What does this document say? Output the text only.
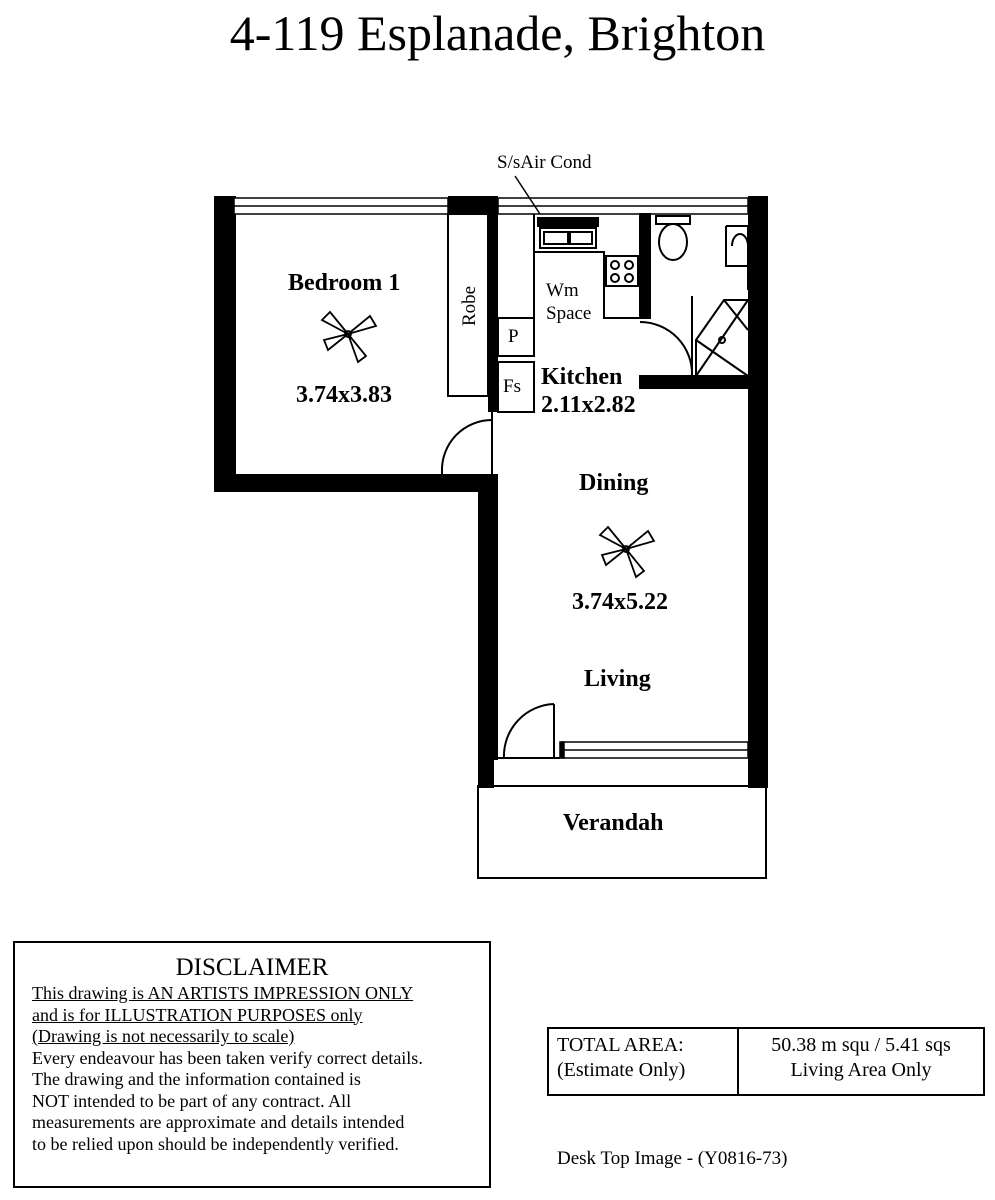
4-119 Esplanade, Brighton
S/sAir Cond
Bedroom 1
3.74x3.83
Robe	Wm
Space
P
Fs Kitchen
2.11x2.82
Dining
3.74x5.22
Living
Verandah
DISCLAIMER
This drawing is AN ARTISTS IMPRESSION ONLY
and is for ILLUSTRATION PURPOSES only
(Drawing is not necessarily to scale)
Every endeavour has been taken verify correct details.
The drawing and the information contained is
NOT intended to be part of any contract. All
measurements are approximate and details intended
to be relied upon should be independently verified.
TOTAL AREA:
(Estimate Only)
50.38 m squ / 5.41 sqs
Living Area Only
Desk Top Image - (Y0816-73)
